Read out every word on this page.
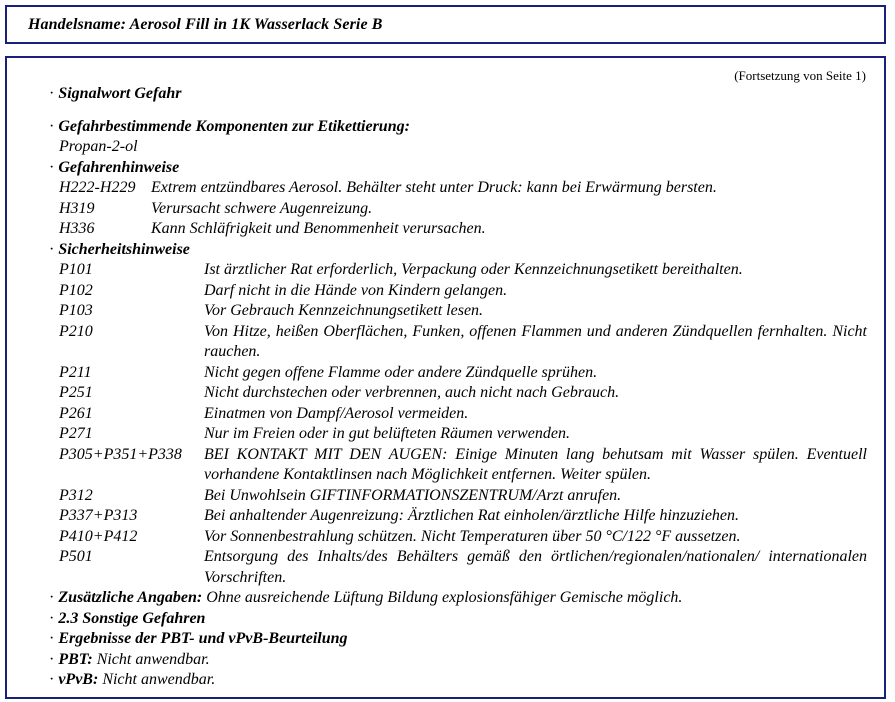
Handelsname: Aerosol Fill in 1K Wasserlack Serie B
(Fortsetzung von Seite 1)
· Signalwort Gefahr
· Gefahrbestimmende Komponenten zur Etikettierung:
Propan-2-ol
· Gefahrenhinweise
H222-H229 Extrem entzündbares Aerosol. Behälter steht unter Druck: kann bei Erwärmung bersten.
H319	Verursacht schwere Augenreizung.
H336	Kann Schläfrigkeit und Benommenheit verursachen.
· Sicherheitshinweise
P101	Ist ärztlicher Rat erforderlich, Verpackung oder Kennzeichnungsetikett bereithalten.
P102	Darf nicht in die Hände von Kindern gelangen.
P103	Vor Gebrauch Kennzeichnungsetikett lesen.
P210	Von Hitze, heißen Oberflächen, Funken, offenen Flammen und anderen Zündquellen fernhalten. Nicht rauchen.
P211	Nicht gegen offene Flamme oder andere Zündquelle sprühen.
P251	Nicht durchstechen oder verbrennen, auch nicht nach Gebrauch.
P261	Einatmen von Dampf/Aerosol vermeiden.
P271	Nur im Freien oder in gut belüfteten Räumen verwenden.
P305+P351+P338	BEI KONTAKT MIT DEN AUGEN: Einige Minuten lang behutsam mit Wasser spülen. Eventuell vorhandene Kontaktlinsen nach Möglichkeit entfernen. Weiter spülen.
P312	Bei Unwohlsein GIFTINFORMATIONSZENTRUM/Arzt anrufen.
P337+P313	Bei anhaltender Augenreizung: Ärztlichen Rat einholen/ärztliche Hilfe hinzuziehen.
P410+P412	Vor Sonnenbestrahlung schützen. Nicht Temperaturen über 50 °C/122 °F aussetzen.
P501	Entsorgung des Inhalts/des Behälters gemäß den örtlichen/regionalen/nationalen/ internationalen Vorschriften.
· Zusätzliche Angaben: Ohne ausreichende Lüftung Bildung explosionsfähiger Gemische möglich.
· 2.3 Sonstige Gefahren
· Ergebnisse der PBT- und vPvB-Beurteilung
· PBT: Nicht anwendbar.
· vPvB: Nicht anwendbar.
